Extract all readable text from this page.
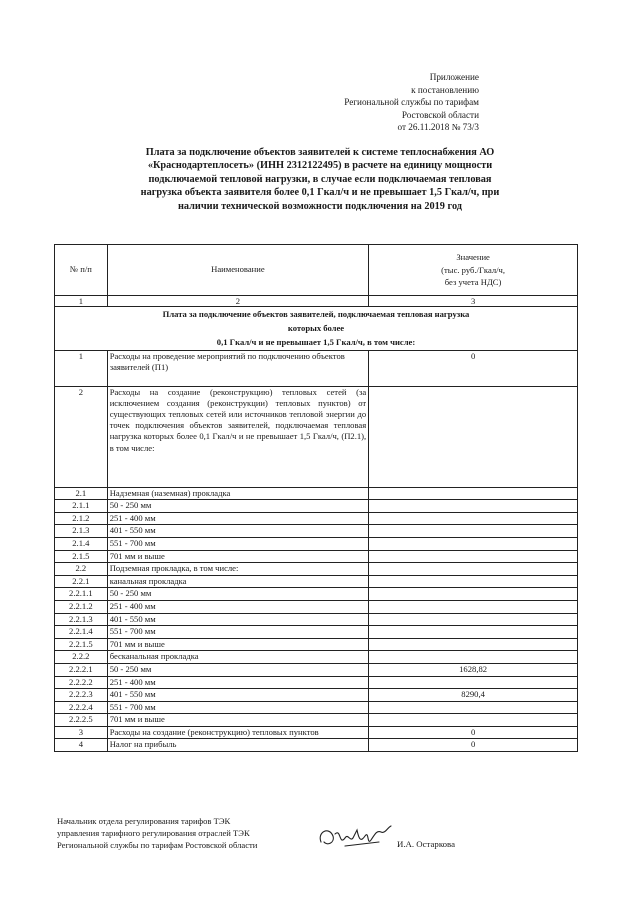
Приложение
к постановлению
Региональной службы по тарифам
Ростовской области
от 26.11.2018 № 73/3
Плата за подключение объектов заявителей к системе теплоснабжения АО
«Краснодартеплосеть» (ИНН 2312122495) в расчете на единицу мощности
подключаемой тепловой нагрузки, в случае если подключаемая тепловая
нагрузка объекта заявителя более 0,1 Гкал/ч и не превышает 1,5 Гкал/ч, при
наличии технической возможности подключения на 2019 год
№ п/п	Наименование	Значение
(тыс. руб./Гкал/ч,
без учета НДС)

1	2	3

Плата за подключение объектов заявителей, подключаемая тепловая нагрузка
которых более
0,1 Гкал/ч и не превышает 1,5 Гкал/ч, в том числе:		

1	Расходы на проведение мероприятий по подключению объектов заявителей (П1)	0
2	Расходы на создание (реконструкцию) тепловых сетей (за исключением создания (реконструкции) тепловых пунктов) от существующих тепловых сетей или источников тепловой энергии до точек подключения объектов заявителей, подключаемая тепловая нагрузка которых более 0,1 Гкал/ч и не превышает 1,5 Гкал/ч, (П2.1), в том числе:	
2.1	Надземная (наземная) прокладка	
2.1.1	50 - 250 мм	
2.1.2	251 - 400 мм	
2.1.3	401 - 550 мм	
2.1.4	551 - 700 мм	
2.1.5	701 мм и выше	
2.2	Подземная прокладка, в том числе:	
2.2.1	канальная прокладка	
2.2.1.1	50 - 250 мм	
2.2.1.2	251 - 400 мм	
2.2.1.3	401 - 550 мм	
2.2.1.4	551 - 700 мм	
2.2.1.5	701 мм и выше	
2.2.2	бесканальная прокладка	
2.2.2.1	50 - 250 мм	1628,82
2.2.2.2	251 - 400 мм	
2.2.2.3	401 - 550 мм	8290,4
2.2.2.4	551 - 700 мм	
2.2.2.5	701 мм и выше	
3	Расходы на создание (реконструкцию) тепловых пунктов	0
4	Налог на прибыль	0
Начальник отдела регулирования тарифов ТЭК
управления тарифного регулирования отраслей ТЭК
Региональной службы по тарифам Ростовской области	И.А. Остаркова
